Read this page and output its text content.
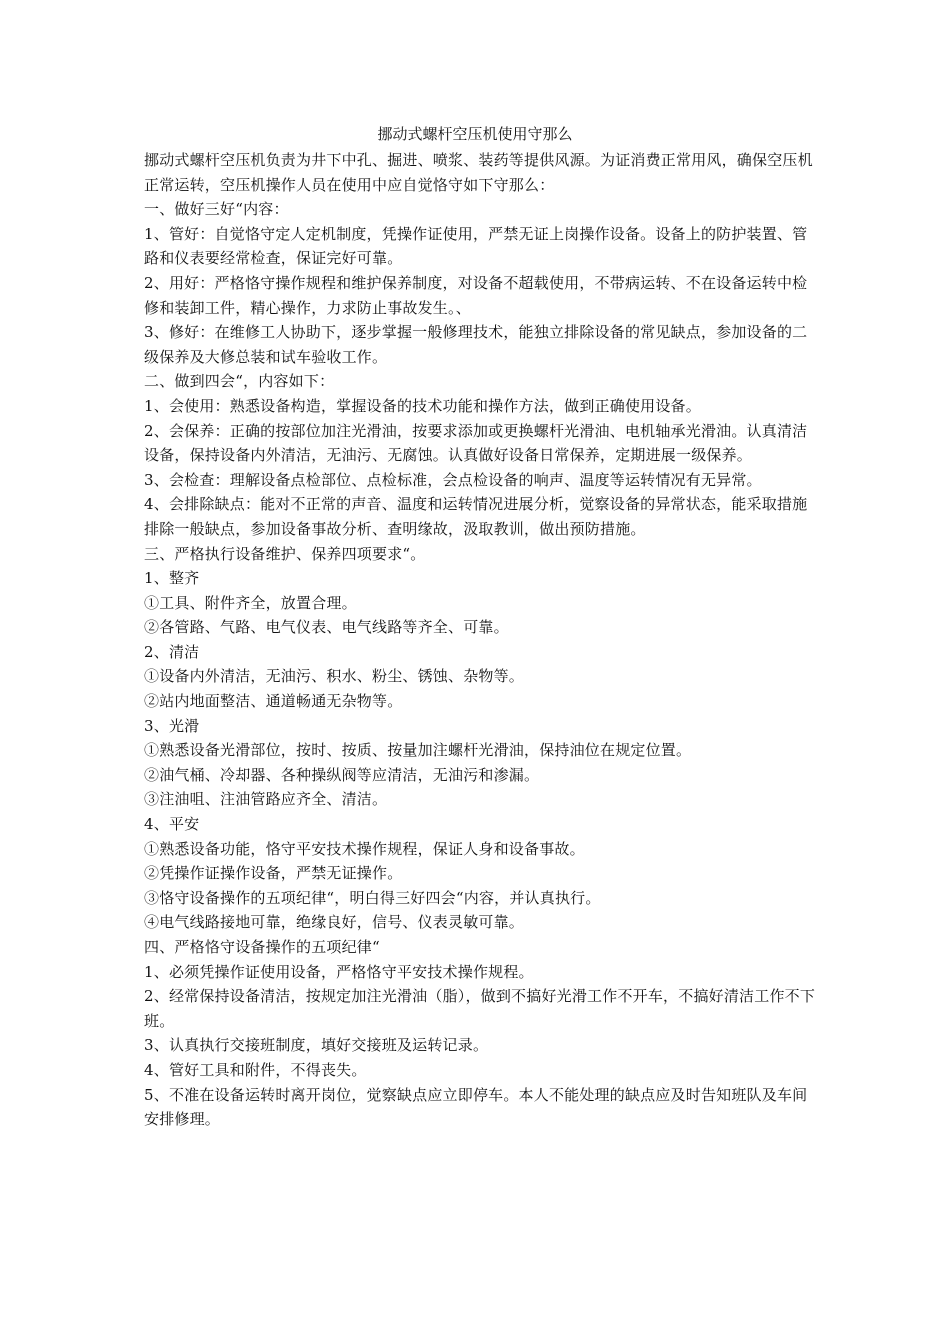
挪动式螺杆空压机使用守那么

挪动式螺杆空压机负责为井下中孔、掘进、喷浆、装药等提供风源。为证消费正常用风，确保空压机正常运转，空压机操作人员在使用中应自觉恪守如下守那么：

一、做好三好“内容：

1、管好：自觉恪守定人定机制度，凭操作证使用，严禁无证上岗操作设备。设备上的防护装置、管路和仪表要经常检查，保证完好可靠。

2、用好：严格恪守操作规程和维护保养制度，对设备不超载使用，不带病运转、不在设备运转中检修和装卸工件，精心操作，力求防止事故发生。、

3、修好：在维修工人协助下，逐步掌握一般修理技术，能独立排除设备的常见缺点，参加设备的二级保养及大修总装和试车验收工作。

二、做到四会“，内容如下：

1、会使用：熟悉设备构造，掌握设备的技术功能和操作方法，做到正确使用设备。

2、会保养：正确的按部位加注光滑油，按要求添加或更换螺杆光滑油、电机轴承光滑油。认真清洁设备，保持设备内外清洁，无油污、无腐蚀。认真做好设备日常保养，定期进展一级保养。

3、会检查：理解设备点检部位、点检标准，会点检设备的响声、温度等运转情况有无异常。

4、会排除缺点：能对不正常的声音、温度和运转情况进展分析，觉察设备的异常状态，能采取措施排除一般缺点，参加设备事故分析、查明缘故，汲取教训，做出预防措施。

三、严格执行设备维护、保养四项要求“。

1、整齐

①工具、附件齐全，放置合理。

②各管路、气路、电气仪表、电气线路等齐全、可靠。

2、清洁

①设备内外清洁，无油污、积水、粉尘、锈蚀、杂物等。

②站内地面整洁、通道畅通无杂物等。

3、光滑

①熟悉设备光滑部位，按时、按质、按量加注螺杆光滑油，保持油位在规定位置。

②油气桶、冷却器、各种操纵阀等应清洁，无油污和渗漏。

③注油咀、注油管路应齐全、清洁。

4、平安

①熟悉设备功能，恪守平安技术操作规程，保证人身和设备事故。

②凭操作证操作设备，严禁无证操作。

③恪守设备操作的五项纪律“，明白得三好四会“内容，并认真执行。

④电气线路接地可靠，绝缘良好，信号、仪表灵敏可靠。

四、严格恪守设备操作的五项纪律“

1、必须凭操作证使用设备，严格恪守平安技术操作规程。

2、经常保持设备清洁，按规定加注光滑油（脂），做到不搞好光滑工作不开车，不搞好清洁工作不下班。

3、认真执行交接班制度，填好交接班及运转记录。

4、管好工具和附件，不得丧失。

5、不准在设备运转时离开岗位，觉察缺点应立即停车。本人不能处理的缺点应及时告知班队及车间安排修理。
